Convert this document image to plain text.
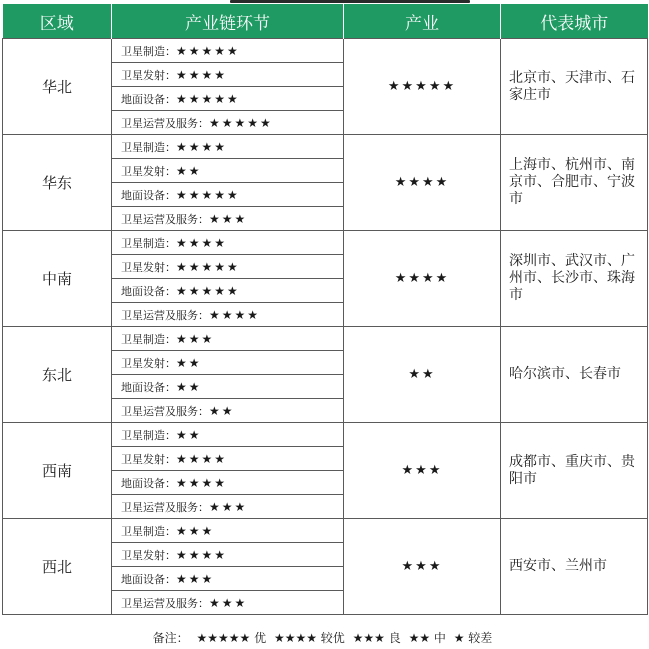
区域	产业链环节	产业	代表城市
华北	卫星制造：★★★★★	★★★★★	北京市、天津市、石家庄市
	卫星发射：★★★★		
	地面设备：★★★★★		
	卫星运营及服务：★★★★★		
华东	卫星制造：★★★★	★★★★	上海市、杭州市、南京市、合肥市、宁波市
	卫星发射：★★		
	地面设备：★★★★★		
	卫星运营及服务：★★★		
中南	卫星制造：★★★★	★★★★	深圳市、武汉市、广州市、长沙市、珠海市
	卫星发射：★★★★★		
	地面设备：★★★★★		
	卫星运营及服务：★★★★		
东北	卫星制造：★★★	★★	哈尔滨市、长春市
	卫星发射：★★		
	地面设备：★★		
	卫星运营及服务：★★		
西南	卫星制造：★★	★★★	成都市、重庆市、贵阳市
	卫星发射：★★★★		
	地面设备：★★★★		
	卫星运营及服务：★★★		
西北	卫星制造：★★★	★★★	西安市、兰州市
	卫星发射：★★★★		
	地面设备：★★★		
	卫星运营及服务：★★★		
备注： ★★★★★ 优 ★★★★ 较优 ★★★ 良 ★★ 中 ★ 较差
